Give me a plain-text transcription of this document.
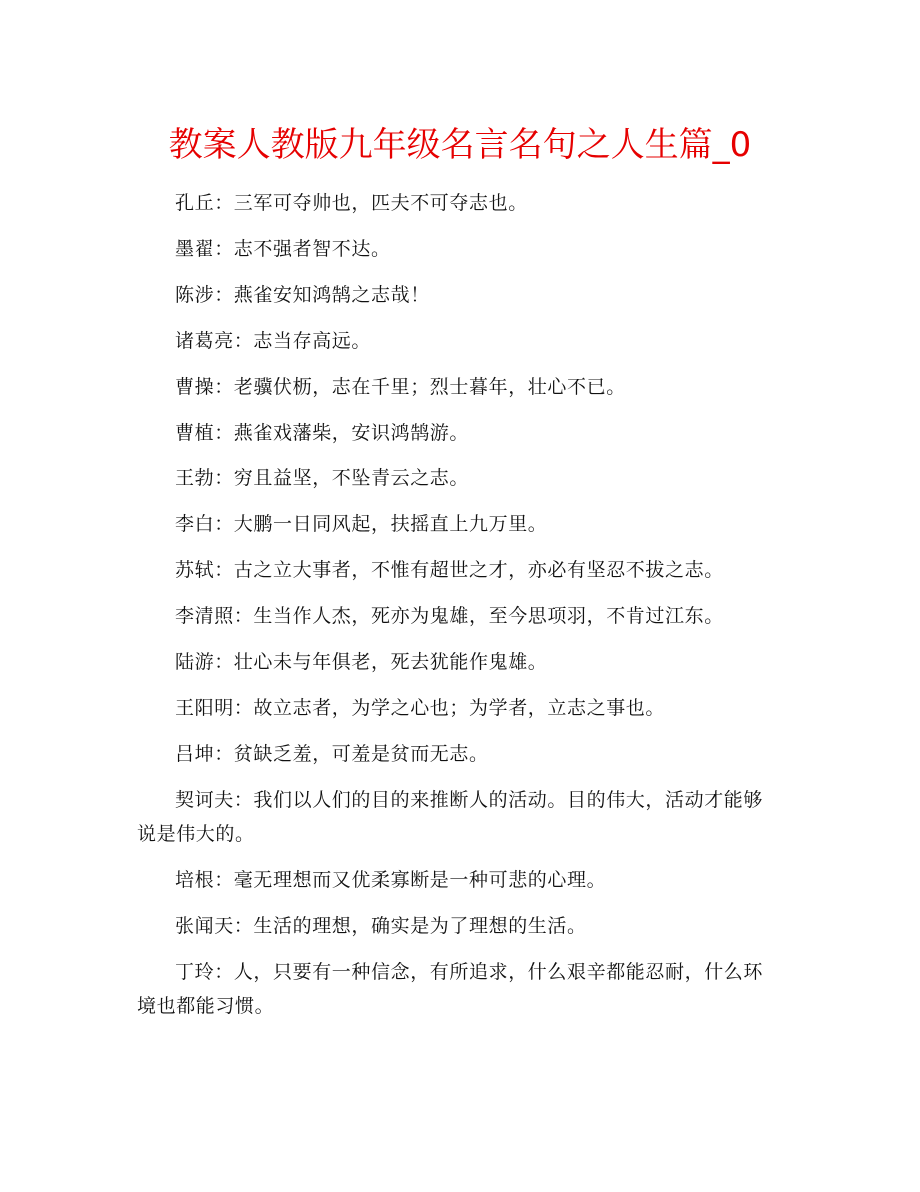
教案人教版九年级名言名句之人生篇_0

孔丘：三军可夺帅也，匹夫不可夺志也。

墨翟：志不强者智不达。

陈涉：燕雀安知鸿鹄之志哉！

诸葛亮：志当存高远。

曹操：老骥伏枥，志在千里；烈士暮年，壮心不已。

曹植：燕雀戏藩柴，安识鸿鹄游。

王勃：穷且益坚，不坠青云之志。

李白：大鹏一日同风起，扶摇直上九万里。

苏轼：古之立大事者，不惟有超世之才，亦必有坚忍不拔之志。

李清照：生当作人杰，死亦为鬼雄，至今思项羽，不肯过江东。

陆游：壮心未与年俱老，死去犹能作鬼雄。

王阳明：故立志者，为学之心也；为学者，立志之事也。

吕坤：贫缺乏羞，可羞是贫而无志。

契诃夫：我们以人们的目的来推断人的活动。目的伟大，活动才能够说是伟大的。

培根：毫无理想而又优柔寡断是一种可悲的心理。

张闻天：生活的理想，确实是为了理想的生活。

丁玲：人，只要有一种信念，有所追求，什么艰辛都能忍耐，什么环境也都能习惯。
